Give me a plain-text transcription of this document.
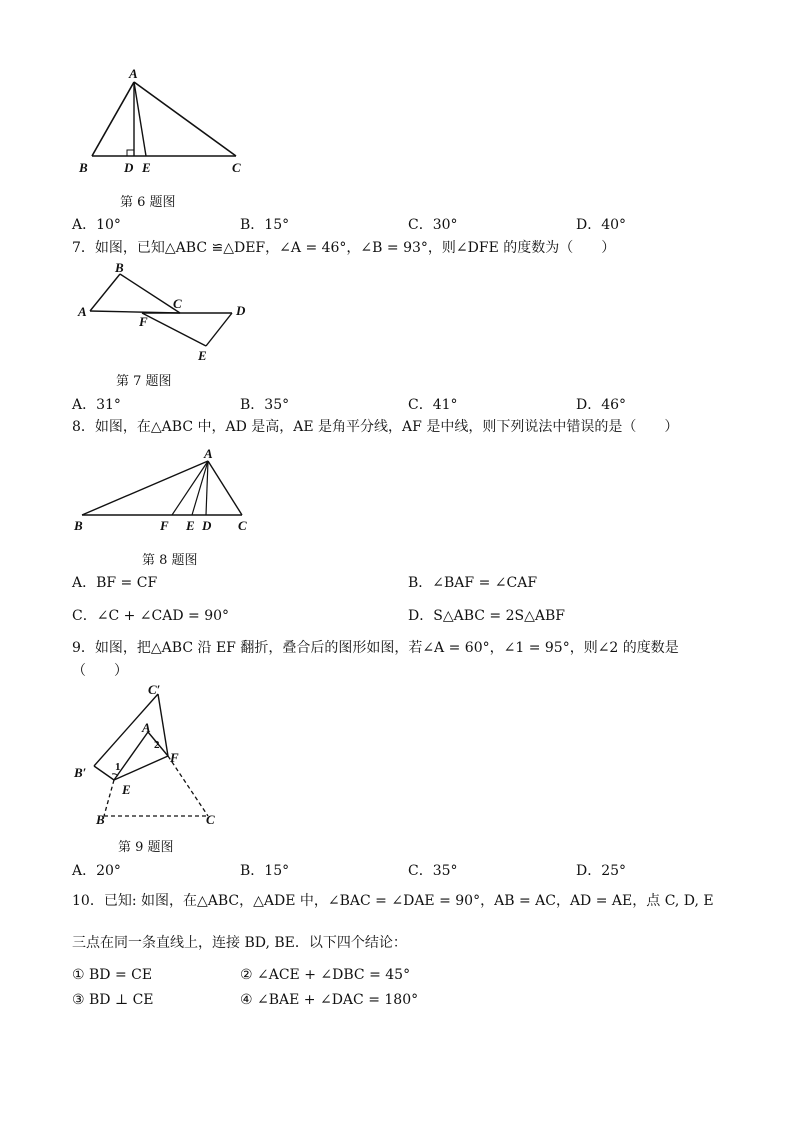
A
B	D E	C
第 6 题图
A．10°	B．15°	C．30°	D．40°
7．如图，已知△ABC ≌△DEF，∠A = 46°，∠B = 93°，则∠DFE 的度数为（　　）
B
A
C	D
F
E
第 7 题图
A．31°	B．35°	C．41°	D．46°
8．如图，在△ABC 中，AD 是高，AE 是角平分线，AF 是中线，则下列说法中错误的是（　　）
A
B	F E D C
第 8 题图
A．BF = CF	B．∠BAF = ∠CAF
C．∠C + ∠CAD = 90°	D．S△ABC = 2S△ABF
9．如图，把△ABC 沿 EF 翻折，叠合后的图形如图，若∠A = 60°，∠1 = 95°，则∠2 的度数是
（　　）
C′
A
B′
F
E
B	C
1
2
第 9 题图
A．20°	B．15°	C．35°	D．25°
10．已知: 如图，在△ABC，△ADE 中，∠BAC = ∠DAE = 90°，AB = AC，AD = AE，点 C, D, E
三点在同一条直线上，连接 BD, BE．以下四个结论：
① BD = CE	② ∠ACE + ∠DBC = 45°
③ BD ⊥ CE	④ ∠BAE + ∠DAC = 180°
